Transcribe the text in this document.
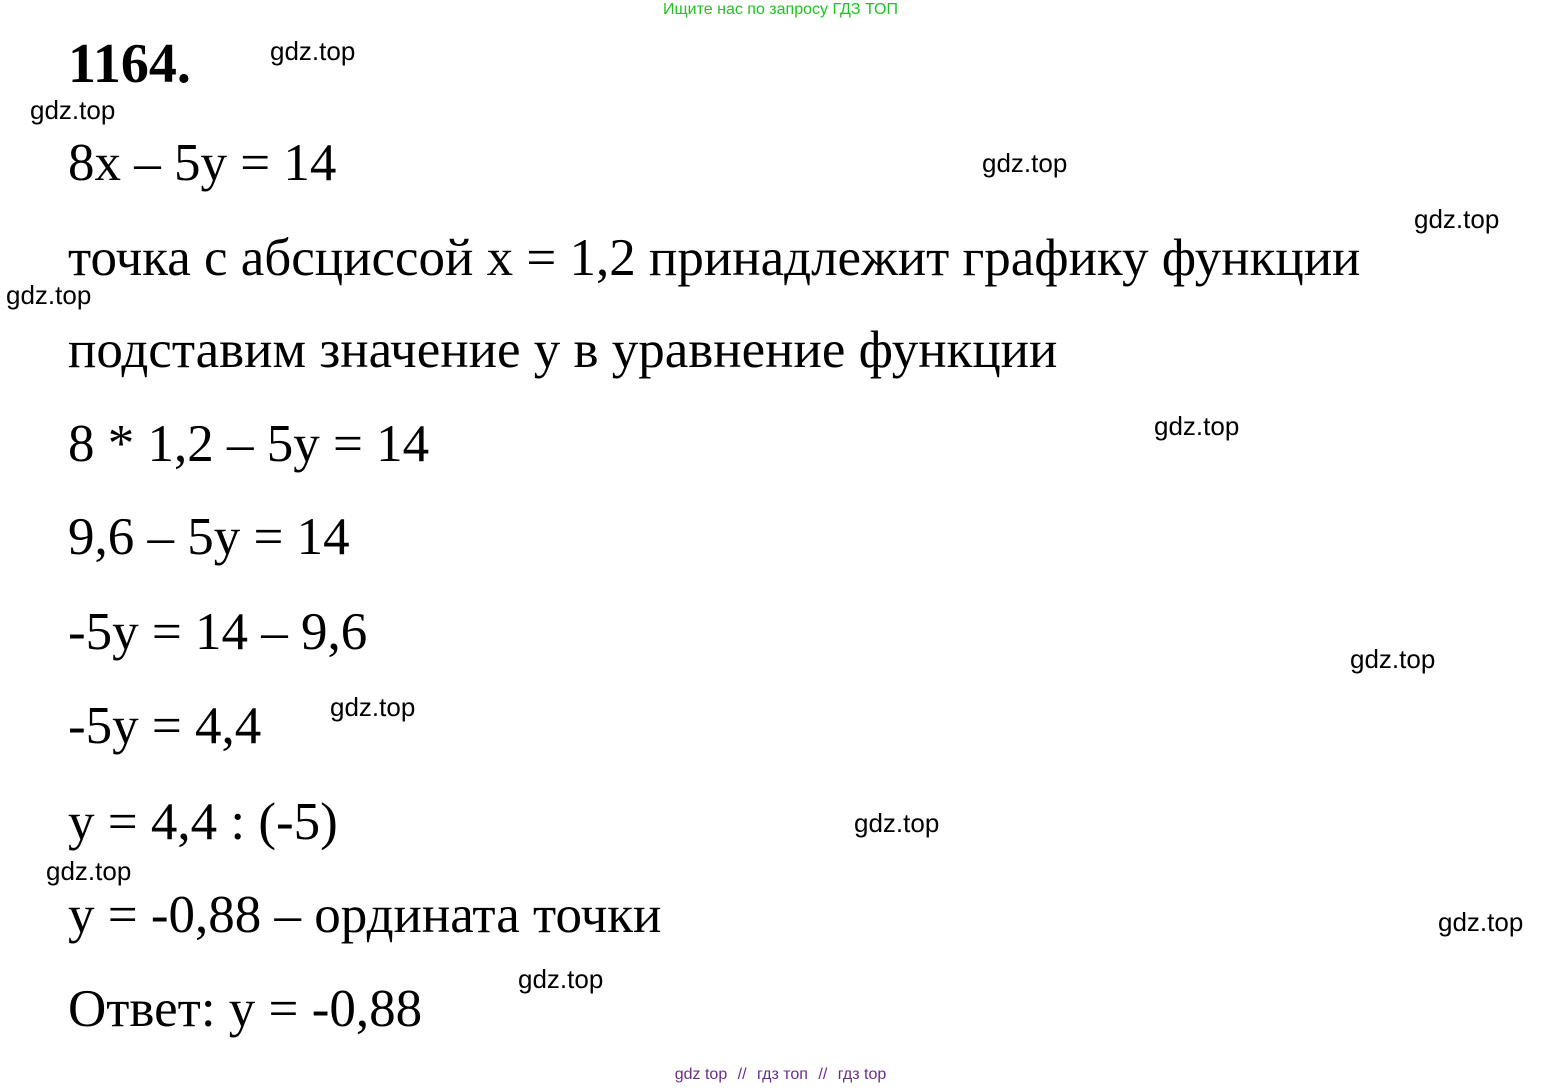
Ищите нас по запросу ГДЗ ТОП
1164.
8x – 5y = 14
точка с абсциссой x = 1,2 принадлежит графику функции
подставим значение y в уравнение функции
8 * 1,2 – 5y = 14
9,6 – 5y = 14
-5y = 14 – 9,6
-5y = 4,4
y = 4,4 : (-5)
y = -0,88 – ордината точки
Ответ: y = -0,88
gdz.top
gdz.top
gdz.top
gdz.top
gdz.top
gdz.top
gdz.top
gdz.top
gdz.top
gdz.top
gdz.top
gdz.top
gdz top // гдз топ // гдз top
